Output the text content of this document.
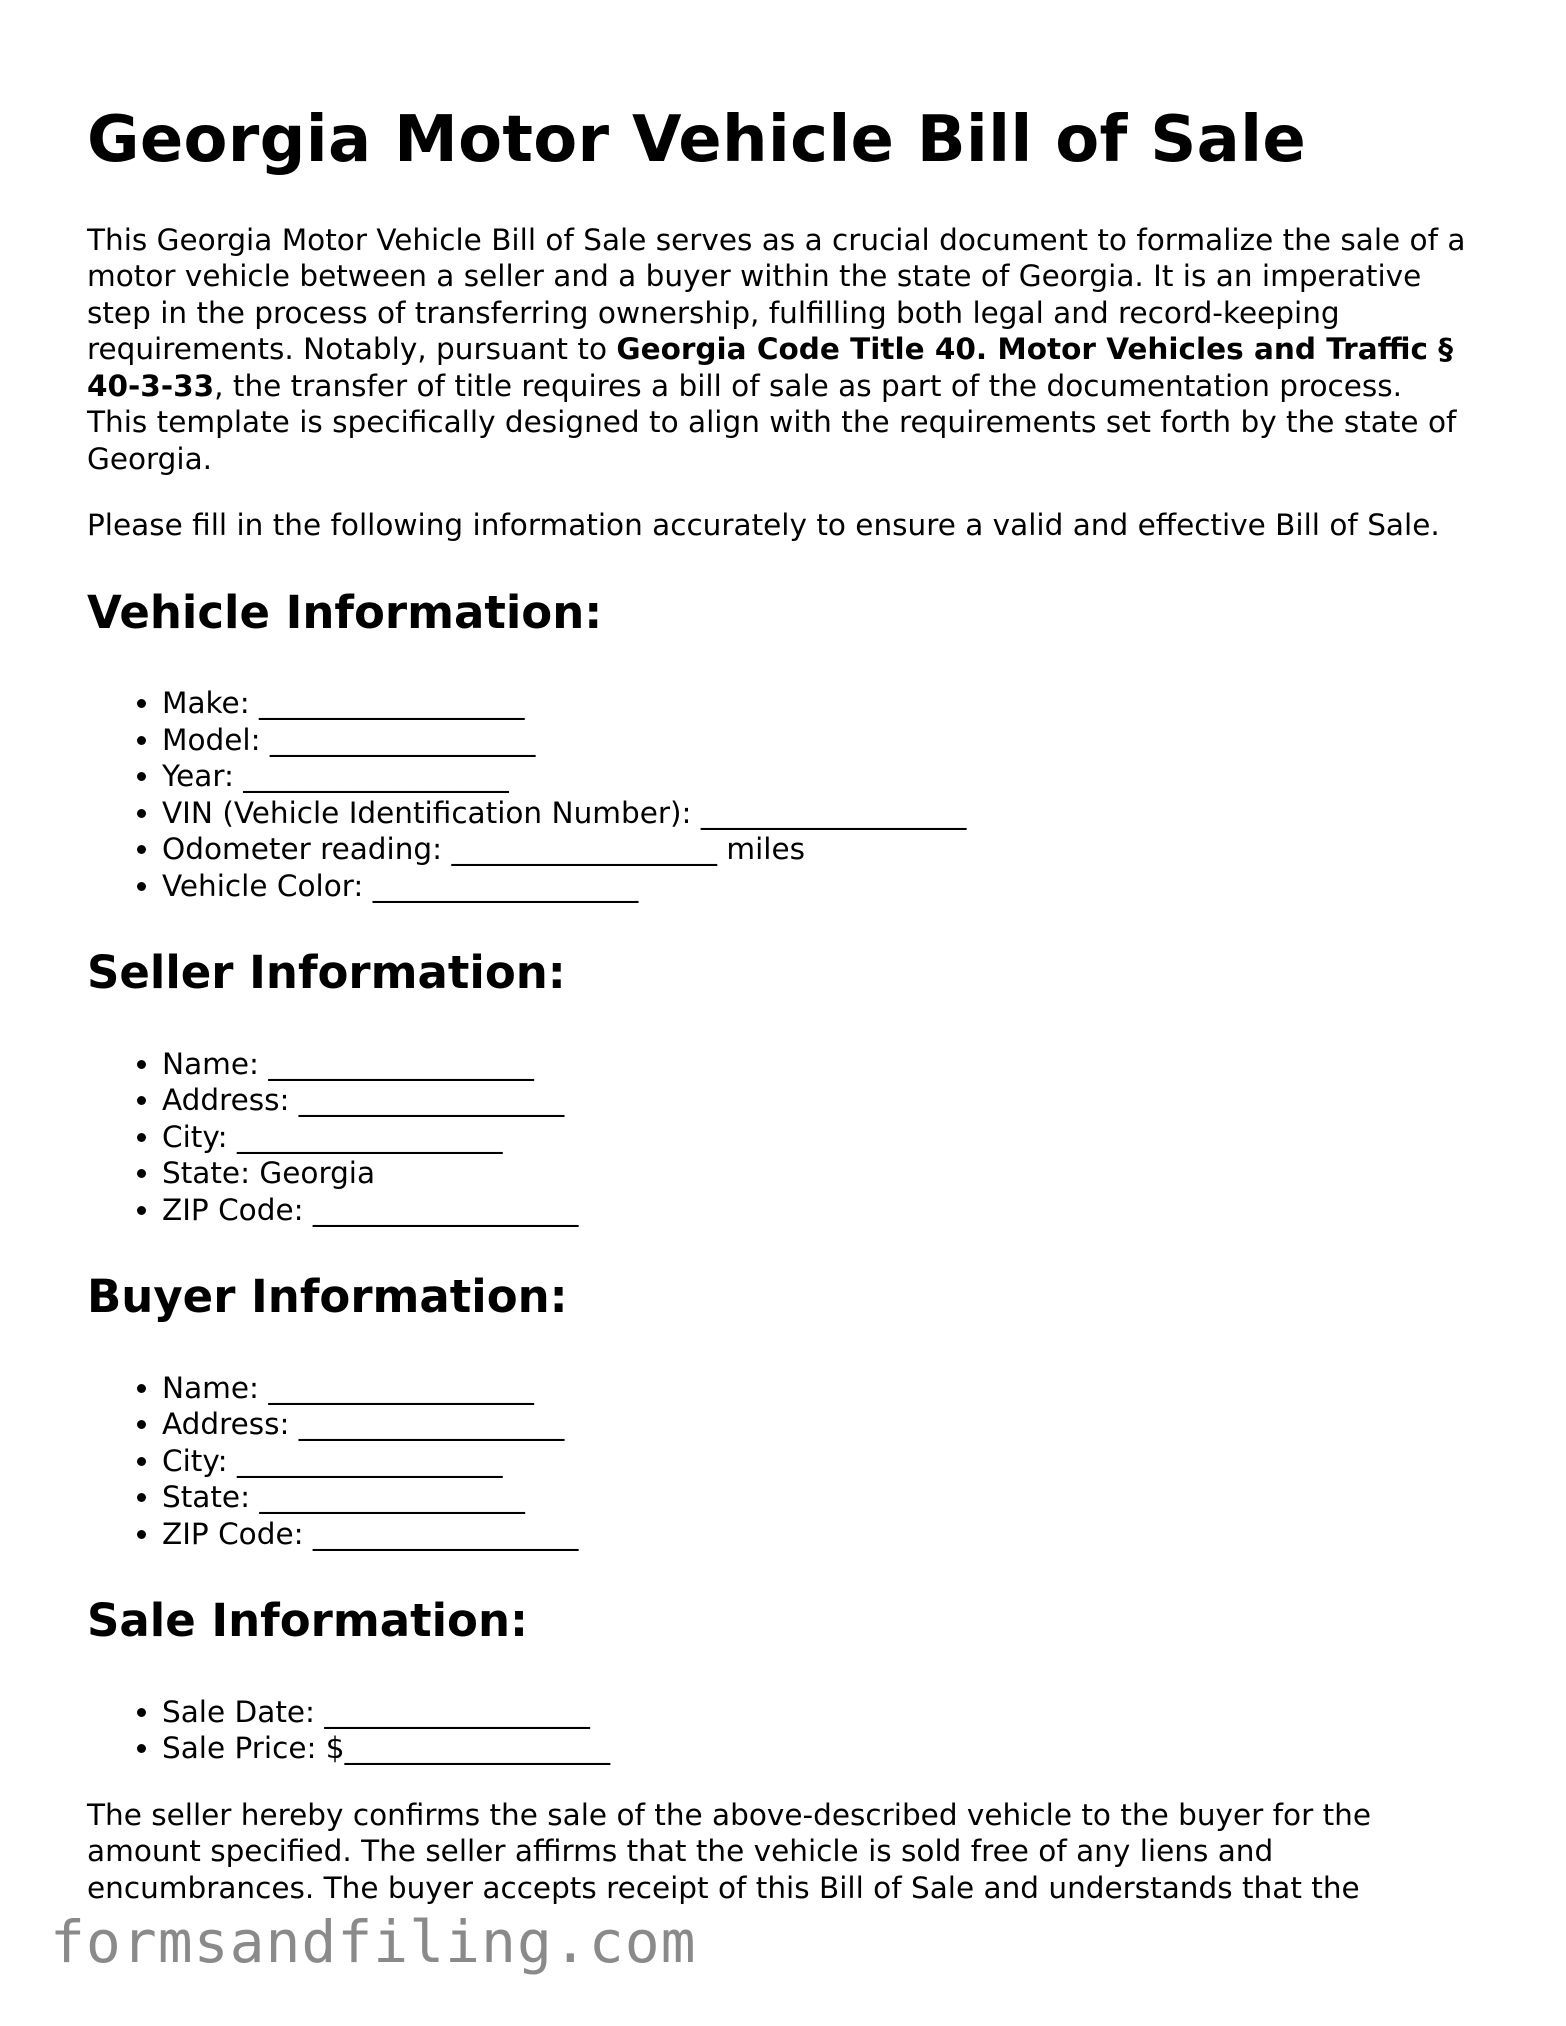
Georgia Motor Vehicle Bill of Sale

This Georgia Motor Vehicle Bill of Sale serves as a crucial document to formalize the sale of a motor vehicle between a seller and a buyer within the state of Georgia. It is an imperative step in the process of transferring ownership, fulfilling both legal and record-keeping requirements. Notably, pursuant to Georgia Code Title 40. Motor Vehicles and Traffic § 40-3-33, the transfer of title requires a bill of sale as part of the documentation process. This template is specifically designed to align with the requirements set forth by the state of Georgia.

Please fill in the following information accurately to ensure a valid and effective Bill of Sale.

Vehicle Information:
• Make: __________________
• Model: __________________
• Year: __________________
• VIN (Vehicle Identification Number): __________________
• Odometer reading: __________________ miles
• Vehicle Color: __________________
Seller Information:
• Name: __________________
• Address: __________________
• City: __________________
• State: Georgia
• ZIP Code: __________________
Buyer Information:
• Name: __________________
• Address: __________________
• City: __________________
• State: __________________
• ZIP Code: __________________
Sale Information:
• Sale Date: __________________
• Sale Price: $__________________

The seller hereby confirms the sale of the above-described vehicle to the buyer for the amount specified. The seller affirms that the vehicle is sold free of any liens and encumbrances. The buyer accepts receipt of this Bill of Sale and understands that the

formsandfiling.com
